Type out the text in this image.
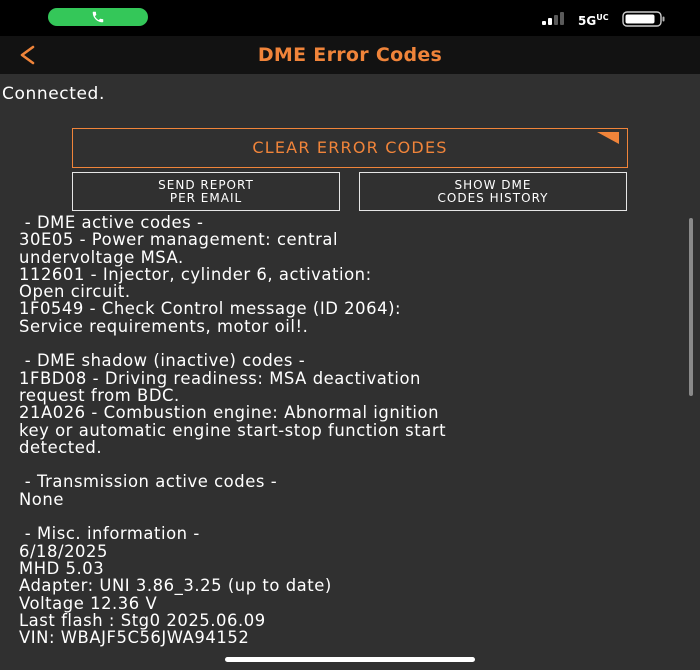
$5G^{UC}$
DME Error Codes
Connected.
CLEAR ERROR CODES
SEND REPORT
PER EMAIL
SHOW DME
CODES HISTORY
- DME active codes -
30E05 - Power management: central
undervoltage MSA.
112601 - Injector, cylinder 6, activation:
Open circuit.
1F0549 - Check Control message (ID 2064):
Service requirements, motor oil!.
- DME shadow (inactive) codes -
1FBD08 - Driving readiness: MSA deactivation
request from BDC.
21A026 - Combustion engine: Abnormal ignition
key or automatic engine start-stop function start
detected.
- Transmission active codes -
None
- Misc. information -
6/18/2025
MHD 5.03
Adapter: UNI 3.86_3.25 (up to date)
Voltage 12.36 V
Last flash : Stg0 2025.06.09
VIN: WBAJF5C56JWA94152
